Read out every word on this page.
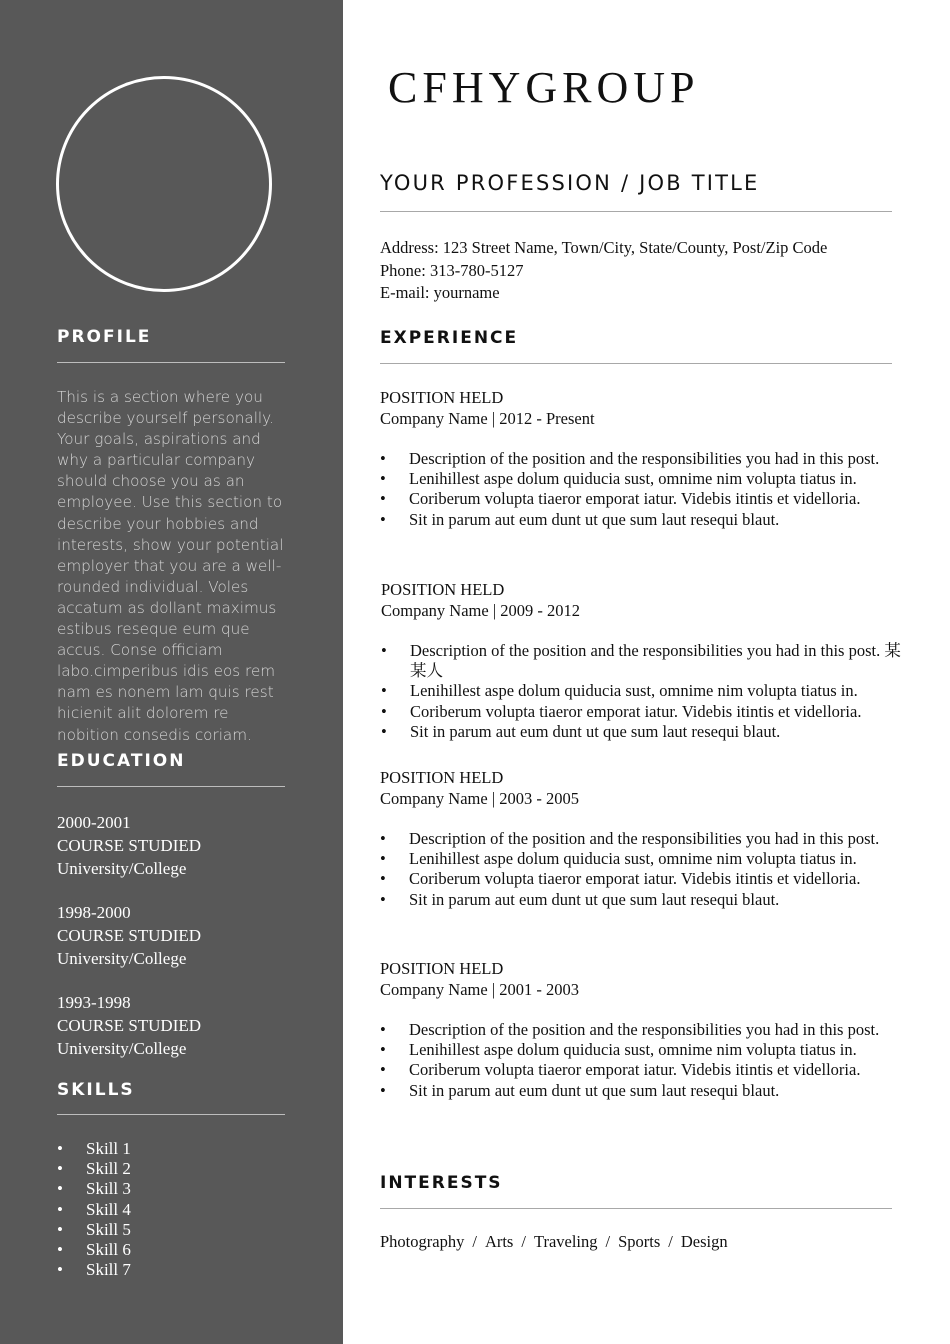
PROFILE

This is a section where you describe yourself personally. Your goals, aspirations and why a particular company should choose you as an employee. Use this section to describe your hobbies and interests, show your potential employer that you are a well-rounded individual. Voles accatum as dollant maximus estibus reseque eum que accus. Conse officiam labo.cimperibus idis eos rem nam es nonem lam quis rest hicienit alit dolorem re nobition consedis coriam.

EDUCATION
2000-2001
COURSE STUDIED
University/College
1998-2000
COURSE STUDIED
University/College
1993-1998
COURSE STUDIED
University/College
SKILLS
• Skill 1
• Skill 2
• Skill 3
• Skill 4
• Skill 5
• Skill 6
• Skill 7
CFHYGROUP
YOUR PROFESSION / JOB TITLE
Address: 123 Street Name, Town/City, State/County, Post/Zip Code
Phone: 313-780-5127
E-mail: yourname
EXPERIENCE
POSITION HELD
Company Name | 2012 - Present
• Description of the position and the responsibilities you had in this post.
• Lenihillest aspe dolum quiducia sust, omnime nim volupta tiatus in.
• Coriberum volupta tiaeror emporat iatur. Videbis itintis et videlloria.
• Sit in parum aut eum dunt ut que sum laut resequi blaut.
POSITION HELD
Company Name | 2009 - 2012
• Description of the position and the responsibilities you had in this post. 某某人
• Lenihillest aspe dolum quiducia sust, omnime nim volupta tiatus in.
• Coriberum volupta tiaeror emporat iatur. Videbis itintis et videlloria.
• Sit in parum aut eum dunt ut que sum laut resequi blaut.
POSITION HELD
Company Name | 2003 - 2005
• Description of the position and the responsibilities you had in this post.
• Lenihillest aspe dolum quiducia sust, omnime nim volupta tiatus in.
• Coriberum volupta tiaeror emporat iatur. Videbis itintis et videlloria.
• Sit in parum aut eum dunt ut que sum laut resequi blaut.
POSITION HELD
Company Name | 2001 - 2003
• Description of the position and the responsibilities you had in this post.
• Lenihillest aspe dolum quiducia sust, omnime nim volupta tiatus in.
• Coriberum volupta tiaeror emporat iatur. Videbis itintis et videlloria.
• Sit in parum aut eum dunt ut que sum laut resequi blaut.
INTERESTS
Photography / Arts / Traveling / Sports / Design
